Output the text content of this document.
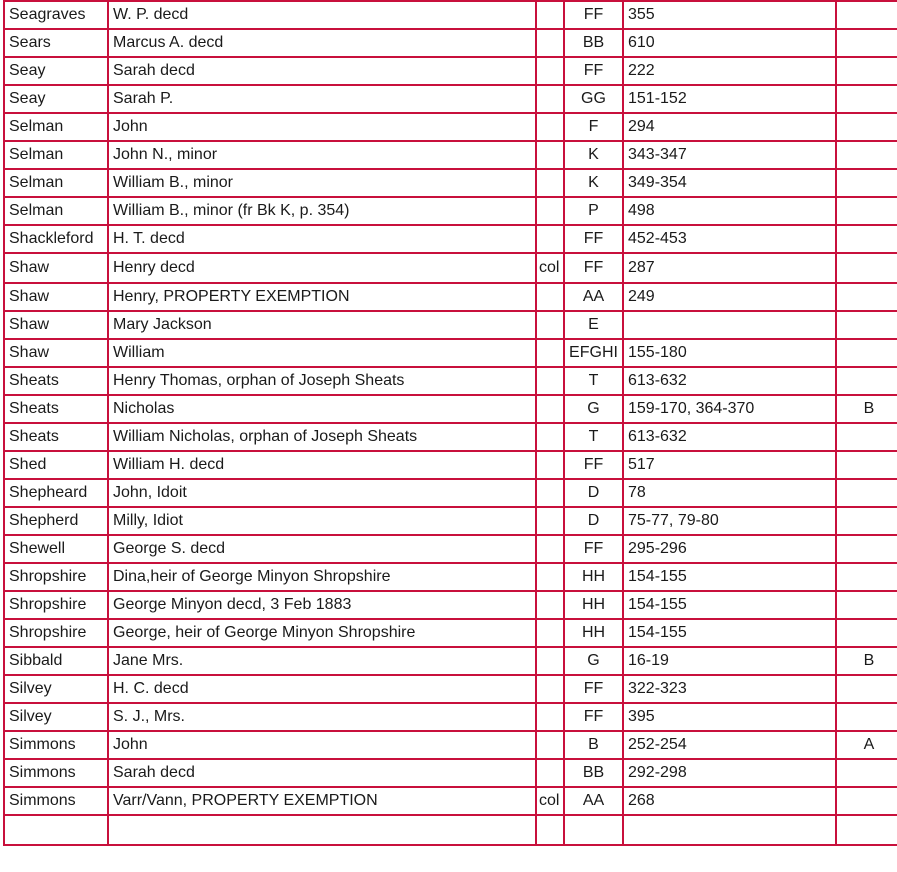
Seagraves	W. P. decd		FF	355	
Sears	Marcus A. decd		BB	610	
Seay	Sarah decd		FF	222	
Seay	Sarah P.		GG	151-152	
Selman	John		F	294	
Selman	John N., minor		K	343-347	
Selman	William B., minor		K	349-354	
Selman	William B., minor (fr Bk K, p. 354)		P	498	
Shackleford	H. T. decd		FF	452-453	
Shaw	Henry decd	col	FF	287	
Shaw	Henry, PROPERTY EXEMPTION		AA	249	
Shaw	Mary Jackson		E		
Shaw	William		EFGHI	155-180	
Sheats	Henry Thomas, orphan of Joseph Sheats		T	613-632	
Sheats	Nicholas		G	159-170, 364-370	B
Sheats	William Nicholas, orphan of Joseph Sheats		T	613-632	
Shed	William H. decd		FF	517	
Shepheard	John, Idoit		D	78	
Shepherd	Milly, Idiot		D	75-77, 79-80	
Shewell	George S. decd		FF	295-296	
Shropshire	Dina,heir of George Minyon Shropshire		HH	154-155	
Shropshire	George Minyon decd, 3 Feb 1883		HH	154-155	
Shropshire	George, heir of George Minyon Shropshire		HH	154-155	
Sibbald	Jane Mrs.		G	16-19	B
Silvey	H. C. decd		FF	322-323	
Silvey	S. J., Mrs.		FF	395	
Simmons	John		B	252-254	A
Simmons	Sarah decd		BB	292-298	
Simmons	Varr/Vann, PROPERTY EXEMPTION	col	AA	268	
